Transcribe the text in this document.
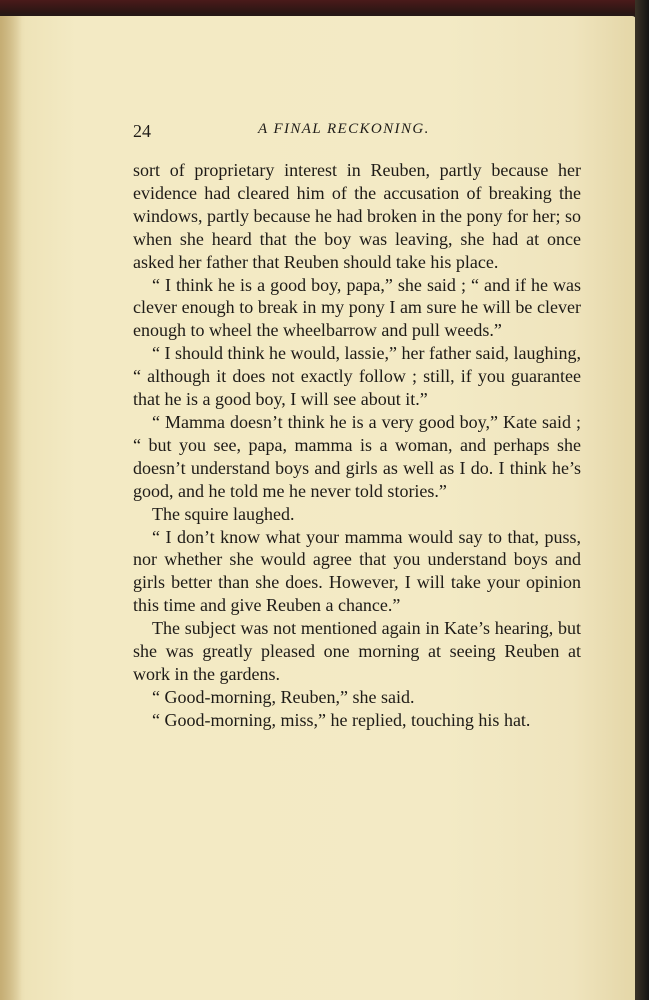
24	A FINAL RECKONING.

sort of proprietary interest in Reuben, partly because her evidence had cleared him of the accusation of breaking the windows, partly because he had broken in the pony for her; so when she heard that the boy was leaving, she had at once asked her father that Reuben should take his place.

“ I think he is a good boy, papa,” she said ; “ and if he was clever enough to break in my pony I am sure he will be clever enough to wheel the wheelbarrow and pull weeds.”

“ I should think he would, lassie,” her father said, laughing, “ although it does not exactly follow ; still, if you guarantee that he is a good boy, I will see about it.”

“ Mamma doesn’t think he is a very good boy,” Kate said ; “ but you see, papa, mamma is a woman, and perhaps she doesn’t understand boys and girls as well as I do. I think he’s good, and he told me he never told stories.”

The squire laughed.

“ I don’t know what your mamma would say to that, puss, nor whether she would agree that you understand boys and girls better than she does. However, I will take your opinion this time and give Reuben a chance.”

The subject was not mentioned again in Kate’s hearing, but she was greatly pleased one morning at seeing Reuben at work in the gardens.

“ Good-morning, Reuben,” she said.

“ Good-morning, miss,” he replied, touching his hat.
